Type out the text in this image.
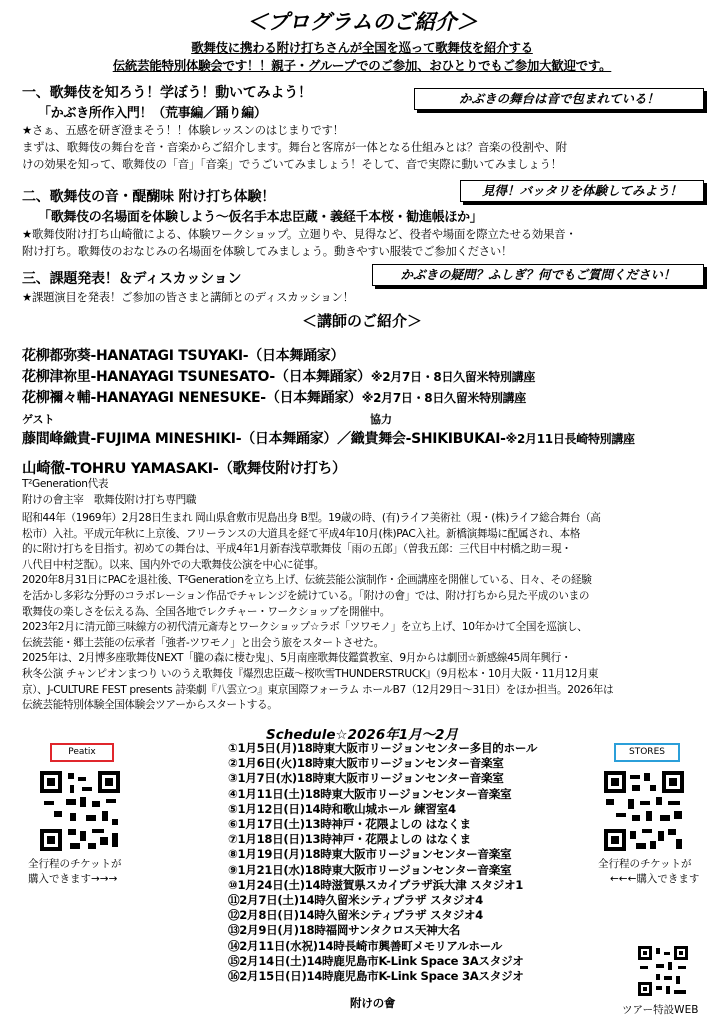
＜プログラムのご紹介＞
歌舞伎に携わる附け打ちさんが全国を巡って歌舞伎を紹介する
伝統芸能特別体験会です！！親子・グループでのご参加、おひとりでもご参加大歓迎です。
一、歌舞伎を知ろう！学ぼう！動いてみよう！
「かぶき所作入門！（荒事編／踊り編）
かぶきの舞台は音で包まれている！
★さぁ、五感を研ぎ澄まそう！！体験レッスンのはじまりです！
まずは、歌舞伎の舞台を音・音楽からご紹介します。舞台と客席が一体となる仕組みとは？音楽の役割や、附
けの効果を知って、歌舞伎の「音」「音楽」でうごいてみましょう！そして、音で実際に動いてみましょう！
二、歌舞伎の音・醍醐味 附け打ち体験！	見得！バッタリを体験してみよう！
「歌舞伎の名場面を体験しよう～仮名手本忠臣蔵・義経千本桜・勧進帳ほか」
★歌舞伎附け打ち山崎徹による、体験ワークショップ。立廻りや、見得など、役者や場面を際立たせる効果音・
附け打ち。歌舞伎のおなじみの名場面を体験してみましょう。動きやすい服装でご参加ください！
三、課題発表！＆ディスカッション	かぶきの疑問？ふしぎ？何でもご質問ください！
★課題演目を発表！ご参加の皆さまと講師とのディスカッション！
＜講師のご紹介＞
花柳都弥葵-HANATAGI TSUYAKI-（日本舞踊家）
花柳津祢里-HANAYAGI TSUNESATO-（日本舞踊家）※2月7日・8日久留米特別講座
花柳禰々輔-HANAYAGI NENESUKE-（日本舞踊家）※2月7日・8日久留米特別講座
ゲスト	協力
藤間峰織貴-FUJIMA MINESHIKI-（日本舞踊家）／織貴舞会-SHIKIBUKAI-※2月11日長崎特別講座
山崎徹-TOHRU YAMASAKI-（歌舞伎附け打ち）
T²Generation代表
附けの會主宰　歌舞伎附け打ち専門職
昭和44年（1969年）2月28日生まれ 岡山県倉敷市児島出身 B型。19歳の時、(有)ライフ美術社（現・(株)ライフ総合舞台（高
松市）入社。平成元年秋に上京後、フリーランスの大道具を経て平成4年10月(株)PAC入社。新橋演舞場に配属され、本格
的に附け打ちを目指す。初めての舞台は、平成4年1月新春浅草歌舞伎「雨の五郎」（曽我五郎：三代目中村橋之助＝現・
八代目中村芝翫）。以来、国内外での大歌舞伎公演を中心に従事。
2020年8月31日にPACを退社後、T²Generationを立ち上げ、伝統芸能公演制作・企画講座を開催している、日々、その経験
を活かし多彩な分野のコラボレーション作品でチャレンジを続けている。「附けの會」では、附け打ちから見た平成のいまの
歌舞伎の楽しさを伝える為、全国各地でレクチャー・ワークショップを開催中。
2023年2月に清元節三味線方の初代清元斎寿とワークショップ☆ラボ「ツワモノ」を立ち上げ、10年かけて全国を巡演し、
伝統芸能・郷土芸能の伝承者「強者-ツワモノ」と出会う旅をスタートさせた。
2025年は、2月博多座歌舞伎NEXT「朧の森に棲む鬼」、5月南座歌舞伎鑑賞教室、9月からは劇団☆新感線45周年興行・
秋冬公演 チャンピオンまつり いのうえ歌舞伎『爆烈忠臣蔵～桜吹雪THUNDERSTRUCK』（9月松本・10月大阪・11月12月東
京）、J-CULTURE FEST presents 詩楽劇『八雲立つ』東京国際フォーラム ホールB7（12月29日～31日）をほか担当。2026年は
伝統芸能特別体験全国体験会ツアーからスタートする。
Schedule☆2026年1月～2月
①1月5日(月)18時東大阪市リージョンセンター多目的ホール
②1月6日(火)18時東大阪市リージョンセンター音楽室
③1月7日(水)18時東大阪市リージョンセンター音楽室
④1月11日(土)18時東大阪市リージョンセンター音楽室
⑤1月12日(日)14時和歌山城ホール 練習室4
⑥1月17日(土)13時神戸・花隈よしの はなくま
⑦1月18日(日)13時神戸・花隈よしの はなくま
⑧1月19日(月)18時東大阪市リージョンセンター音楽室
⑨1月21日(水)18時東大阪市リージョンセンター音楽室
⑩1月24日(土)14時滋賀県スカイプラザ浜大津 スタジオ1
⑪2月7日(土)14時久留米シティプラザ スタジオ4
⑫2月8日(日)14時久留米シティプラザ スタジオ4
⑬2月9日(月)18時福岡サンタクロス天神大名
⑭2月11日(水祝)14時長崎市興善町メモリアルホール
⑮2月14日(土)14時鹿児島市K-Link Space 3Aスタジオ
⑯2月15日(日)14時鹿児島市K-Link Space 3Aスタジオ
附けの會
Peatix
全行程のチケットが
購入できます→→→
STORES
全行程のチケットが
←←←購入できます
ツアー特設WEB
